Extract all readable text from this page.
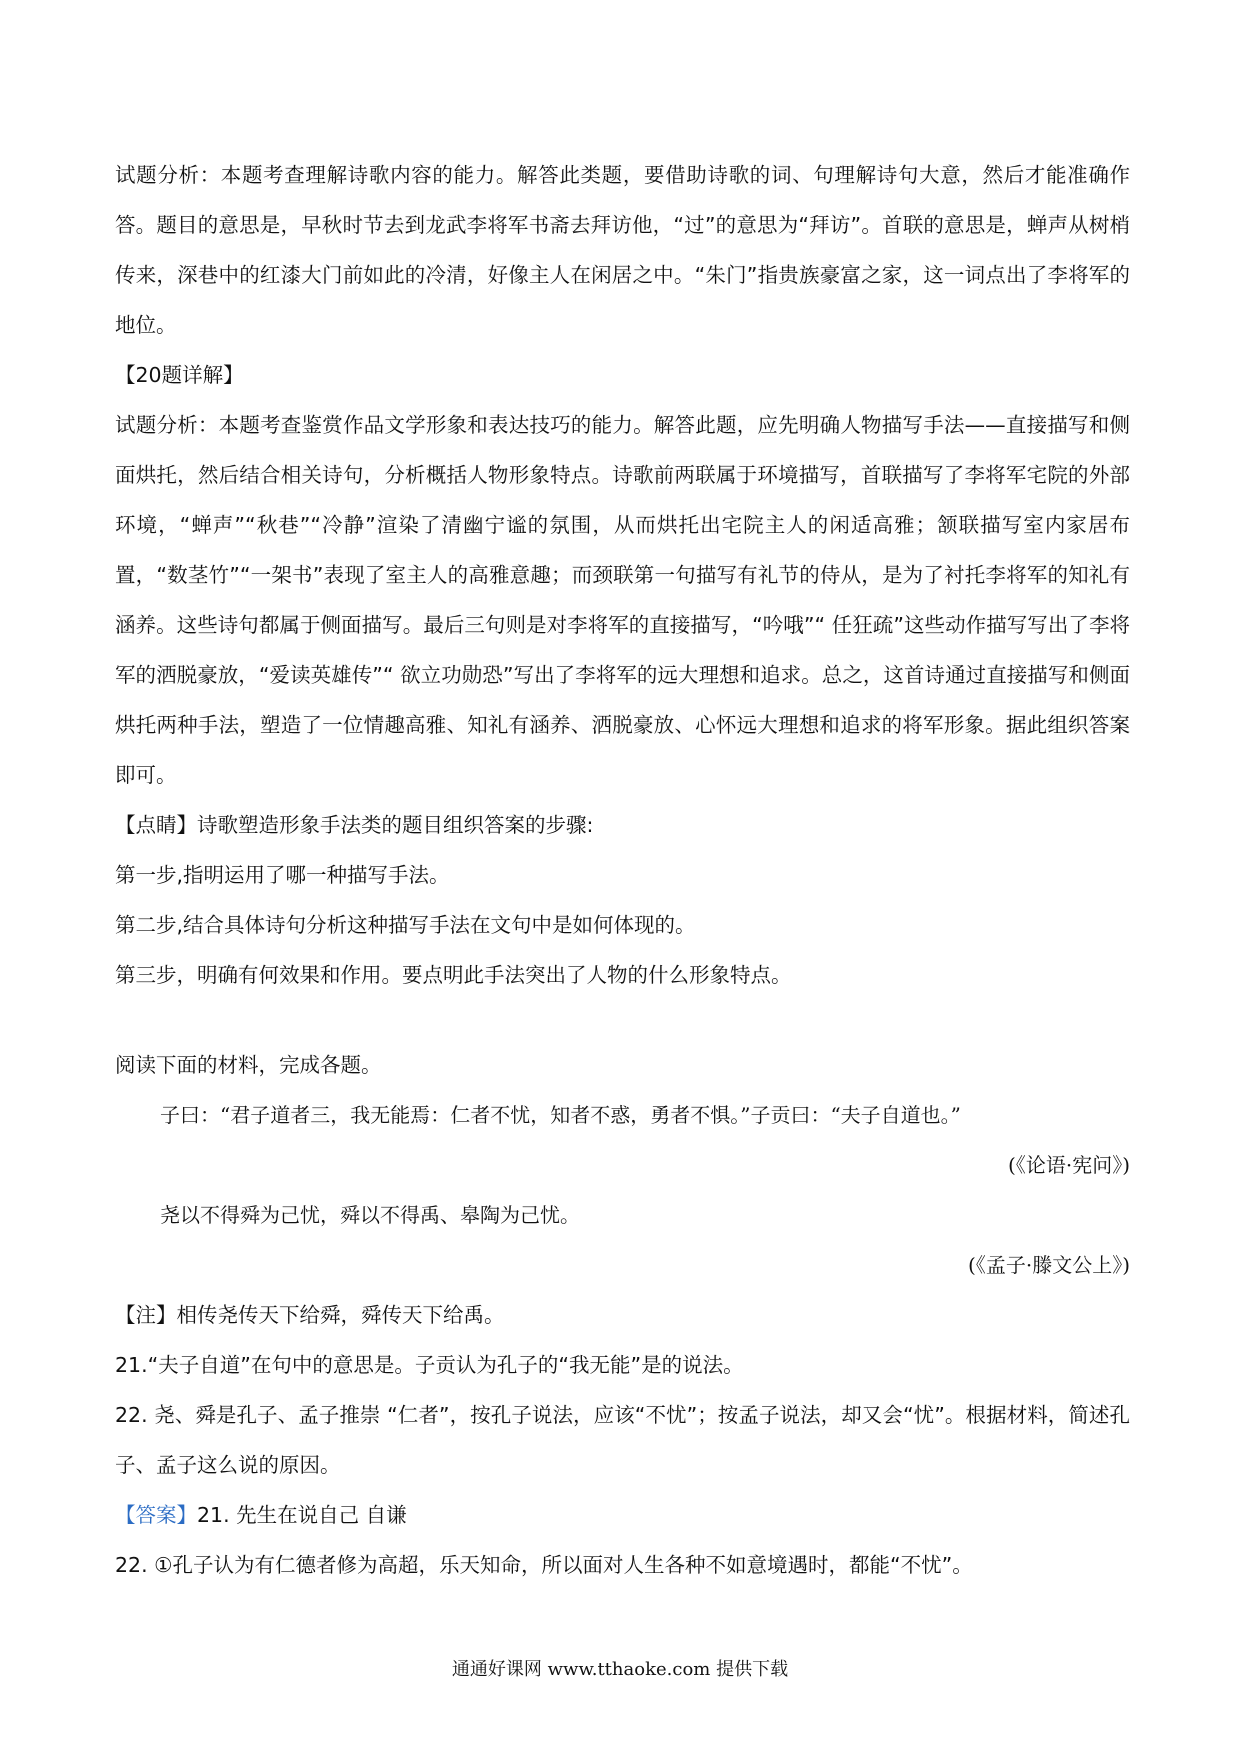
试题分析：本题考查理解诗歌内容的能力。解答此类题，要借助诗歌的词、句理解诗句大意，然后才能准确作答。题目的意思是，早秋时节去到龙武李将军书斋去拜访他，“过”的意思为“拜访”。首联的意思是，蝉声从树梢传来，深巷中的红漆大门前如此的冷清，好像主人在闲居之中。“朱门”指贵族豪富之家，这一词点出了李将军的地位。

【20题详解】

试题分析：本题考查鉴赏作品文学形象和表达技巧的能力。解答此题，应先明确人物描写手法——直接描写和侧面烘托，然后结合相关诗句，分析概括人物形象特点。诗歌前两联属于环境描写，首联描写了李将军宅院的外部环境，“蝉声”“秋巷”“冷静”渲染了清幽宁谧的氛围，从而烘托出宅院主人的闲适高雅；颔联描写室内家居布置，“数茎竹”“一架书”表现了室主人的高雅意趣；而颈联第一句描写有礼节的侍从，是为了衬托李将军的知礼有涵养。这些诗句都属于侧面描写。最后三句则是对李将军的直接描写，“吟哦”“ 任狂疏”这些动作描写写出了李将军的洒脱豪放，“爱读英雄传”“ 欲立功勋恐”写出了李将军的远大理想和追求。总之，这首诗通过直接描写和侧面烘托两种手法，塑造了一位情趣高雅、知礼有涵养、洒脱豪放、心怀远大理想和追求的将军形象。据此组织答案即可。

【点睛】诗歌塑造形象手法类的题目组织答案的步骤:

第一步,指明运用了哪一种描写手法。

第二步,结合具体诗句分析这种描写手法在文句中是如何体现的。

第三步，明确有何效果和作用。要点明此手法突出了人物的什么形象特点。

阅读下面的材料，完成各题。

子曰：“君子道者三，我无能焉：仁者不忧，知者不惑，勇者不惧。”子贡曰：“夫子自道也。”

(《论语·宪问》)

尧以不得舜为己忧，舜以不得禹、皋陶为己忧。

(《孟子·滕文公上》)

【注】相传尧传天下给舜，舜传天下给禹。

21.“夫子自道”在句中的意思是。子贡认为孔子的“我无能”是的说法。

22. 尧、舜是孔子、孟子推崇 “仁者”，按孔子说法，应该“不忧”；按孟子说法，却又会“忧”。根据材料，简述孔子、孟子这么说的原因。

【答案】21. 先生在说自己 自谦

22. ①孔子认为有仁德者修为高超，乐天知命，所以面对人生各种不如意境遇时，都能“不忧”。

通通好课网 www.tthaoke.com 提供下载
